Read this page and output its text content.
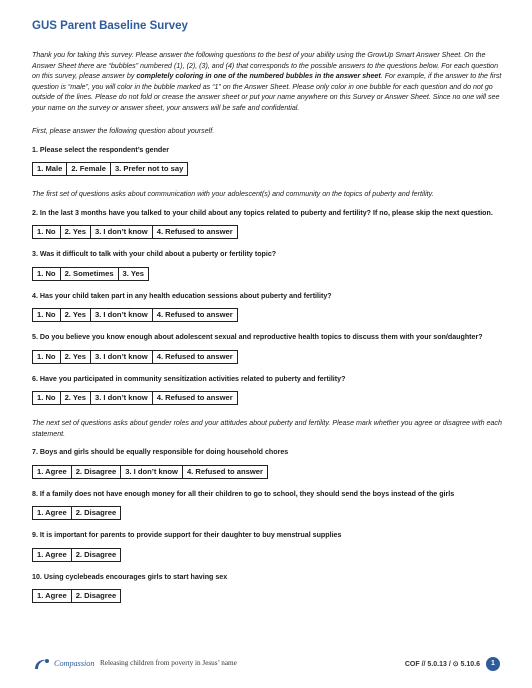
GUS Parent Baseline Survey

Thank you for taking this survey. Please answer the following questions to the best of your ability using the GrowUp Smart Answer Sheet. On the Answer Sheet there are “bubbles” numbered (1), (2), (3), and (4) that corresponds to the possible answers to the questions below. For each question on this survey, please answer by completely coloring in one of the numbered bubbles in the answer sheet. For example, if the answer to the first question is “male”, you will color in the bubble marked as “1” on the Answer Sheet. Please only color in one bubble for each question and do not go outside of the lines. Please do not fold or crease the answer sheet or put your name anywhere on this Survey or Answer Sheet. Since no one will see your name on the survey or answer sheet, your answers will be safe and confidential.

First, please answer the following question about yourself.

1. Please select the respondent’s gender
1. Male	2. Female	3. Prefer not to say

The first set of questions asks about communication with your adolescent(s) and community on the topics of puberty and fertility.

2. In the last 3 months have you talked to your child about any topics related to puberty and fertility? If no, please skip the next question.
1. No	2. Yes	3. I don’t know	4. Refused to answer
3. Was it difficult to talk with your child about a puberty or fertility topic?
1. No	2. Sometimes	3. Yes
4. Has your child taken part in any health education sessions about puberty and fertility?
1. No	2. Yes	3. I don’t know	4. Refused to answer
5. Do you believe you know enough about adolescent sexual and reproductive health topics to discuss them with your son/daughter?
1. No	2. Yes	3. I don’t know	4. Refused to answer
6. Have you participated in community sensitization activities related to puberty and fertility?
1. No	2. Yes	3. I don’t know	4. Refused to answer

The next set of questions asks about gender roles and your attitudes about puberty and fertility. Please mark whether you agree or disagree with each statement.

7. Boys and girls should be equally responsible for doing household chores
1. Agree	2. Disagree	3. I don’t know	4. Refused to answer
8. If a family does not have enough money for all their children to go to school, they should send the boys instead of the girls
1. Agree	2. Disagree
9. It is important for parents to provide support for their daughter to buy menstrual supplies
1. Agree	2. Disagree
10. Using cyclebeads encourages girls to start having sex
1. Agree	2. Disagree
Compassion Releasing children from poverty in Jesus’ name	COF // 5.0.13 / ⊙ 5.10.6	1
